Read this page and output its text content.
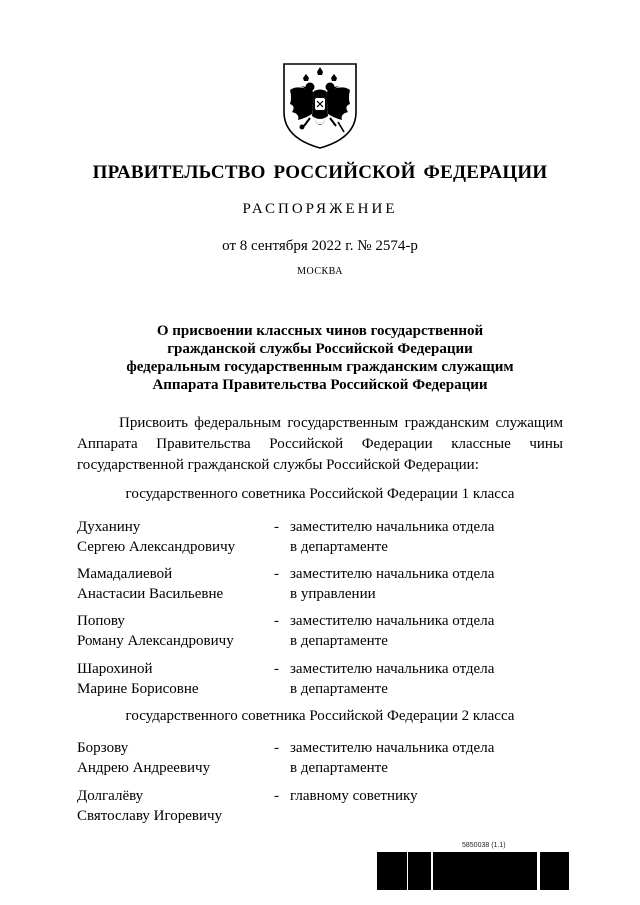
ПРАВИТЕЛЬСТВО РОССИЙСКОЙ ФЕДЕРАЦИИ
РАСПОРЯЖЕНИЕ
от 8 сентября 2022 г. № 2574-р
МОСКВА
О присвоении классных чинов государственной
гражданской службы Российской Федерации
федеральным государственным гражданским служащим
Аппарата Правительства Российской Федерации

Присвоить федеральным государственным гражданским служащим Аппарата Правительства Российской Федерации классные чины государственной гражданской службы Российской Федерации:

государственного советника Российской Федерации 1 класса
Духанину
Сергею Александровичу
- заместителю начальника отдела
в департаменте
Мамадалиевой
Анастасии Васильевне
- заместителю начальника отдела
в управлении
Попову
Роману Александровичу
- заместителю начальника отдела
в департаменте
Шарохиной
Марине Борисовне
- заместителю начальника отдела
в департаменте
государственного советника Российской Федерации 2 класса
Борзову
Андрею Андреевичу
- заместителю начальника отдела
в департаменте
Долгалёву
Святославу Игоревичу
- главному советнику
5850038 (1.1)
